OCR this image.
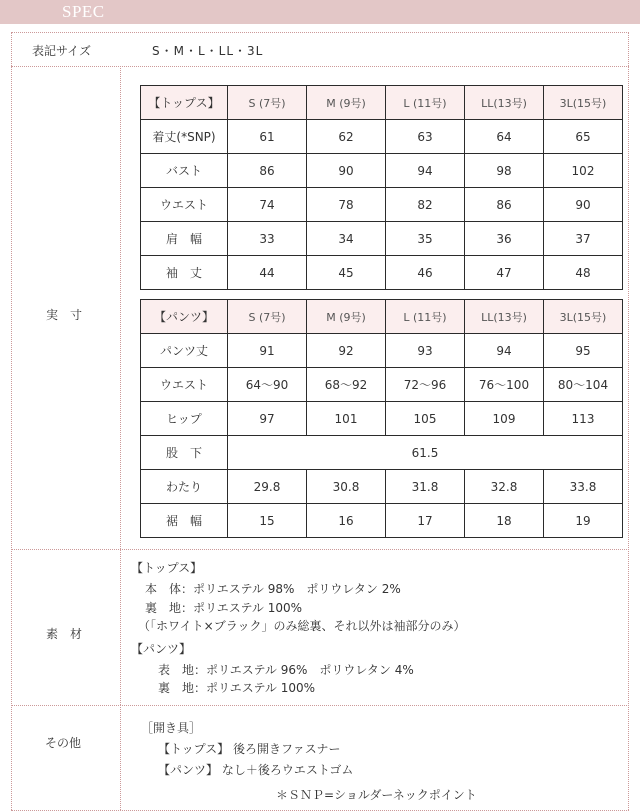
SPEC
表記サイズ	S・M・L・LL・3L
実　寸
【トップス】	S (7号)	M (9号)	L (11号)	LL(13号)	3L(15号)
着丈(*SNP)	61	62	63	64	65
バスト	86	90	94	98	102
ウエスト	74	78	82	86	90
肩　幅	33	34	35	36	37
袖　丈	44	45	46	47	48
【パンツ】	S (7号)	M (9号)	L (11号)	LL(13号)	3L(15号)
パンツ丈	91	92	93	94	95
ウエスト	64〜90	68〜92	72〜96	76〜100	80〜104
ヒップ	97	101	105	109	113
股　下	61.5				
わたり	29.8	30.8	31.8	32.8	33.8
裾　幅	15	16	17	18	19
素　材
【トップス】
本　体：ポリエステル 98%　ポリウレタン 2%
裏　地：ポリエステル 100%
（「ホワイト×ブラック」のみ総裏、それ以外は袖部分のみ）
【パンツ】
表　地：ポリエステル 96%　ポリウレタン 4%
裏　地：ポリエステル 100%
その他
［開き具］
【トップス】 後ろ開きファスナー
【パンツ】 なし＋後ろウエストゴム
＊ＳＮＰ=ショルダーネックポイント
